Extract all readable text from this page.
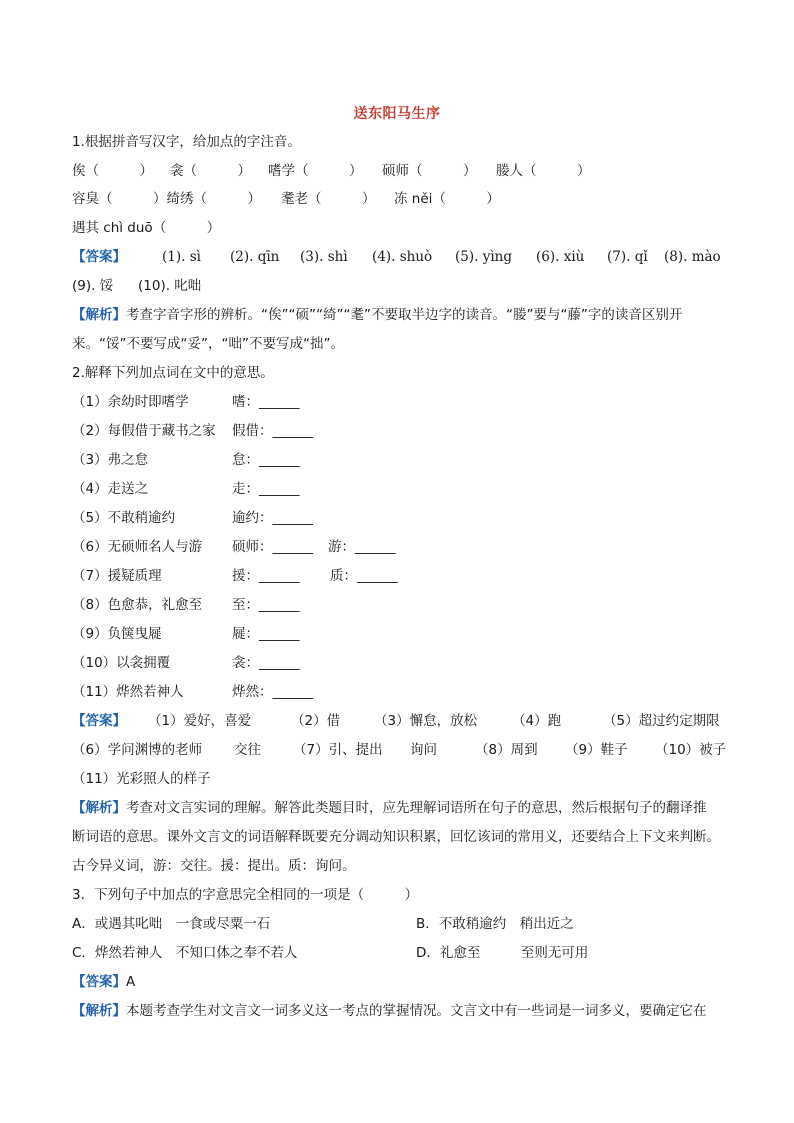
送东阳马生序
1.根据拼音写汉字，给加点的字注音。
俟（　　　） 衾（　　　） 嗜学（　　　） 硕师（　　　） 媵人（　　　）
容臭（　　　）绮绣（　　　） 耄老（　　　） 冻 něi（　　　）
遇其 chì duō（　　　）
【答案】	(1). sì (2). qīn (3). shì (4). shuò (5). yìng (6). xiù (7). qǐ (8). mào
(9). 馁 (10). 叱咄
【解析】考查字音字形的辨析。“俟”“硕”“绮”“耄”不要取半边字的读音。“媵”要与“藤”字的读音区别开
来。“馁”不要写成“妥”，“咄”不要写成“拙”。
2.解释下列加点词在文中的意思。
（1）余幼时即嗜学	嗜：______
（2）每假借于藏书之家 假借：______
（3）弗之怠	怠：______
（4）走送之	走：______
（5）不敢稍逾约	逾约：______
（6）无硕师名人与游 硕师：______ 游：______
（7）援疑质理	援：______ 质：______
（8）色愈恭，礼愈至 至：______
（9）负箧曳屣	屣：______
（10）以衾拥覆	衾：______
（11）烨然若神人	烨然：______
【答案】 （1）爱好，喜爱	（2）借	（3）懈怠，放松	（4）跑	（5）超过约定期限
（6）学问渊博的老师 交往 （7）引、提出 询问	（8）周到 （9）鞋子 （10）被子
（11）光彩照人的样子
【解析】考查对文言实词的理解。解答此类题目时，应先理解词语所在句子的意思，然后根据句子的翻译推
断词语的意思。课外文言文的词语解释既要充分调动知识积累，回忆该词的常用义，还要结合上下文来判断。
古今异义词，游：交往。援：提出。质：询问。
3．下列句子中加点的字意思完全相同的一项是（　　　）
A．或遇其叱咄　一食或尽粟一石	B．不敢稍逾约　稍出近之
C．烨然若神人　不知口体之奉不若人	D．礼愈至　　　至则无可用
【答案】A
【解析】本题考查学生对文言文一词多义这一考点的掌握情况。文言文中有一些词是一词多义，要确定它在
